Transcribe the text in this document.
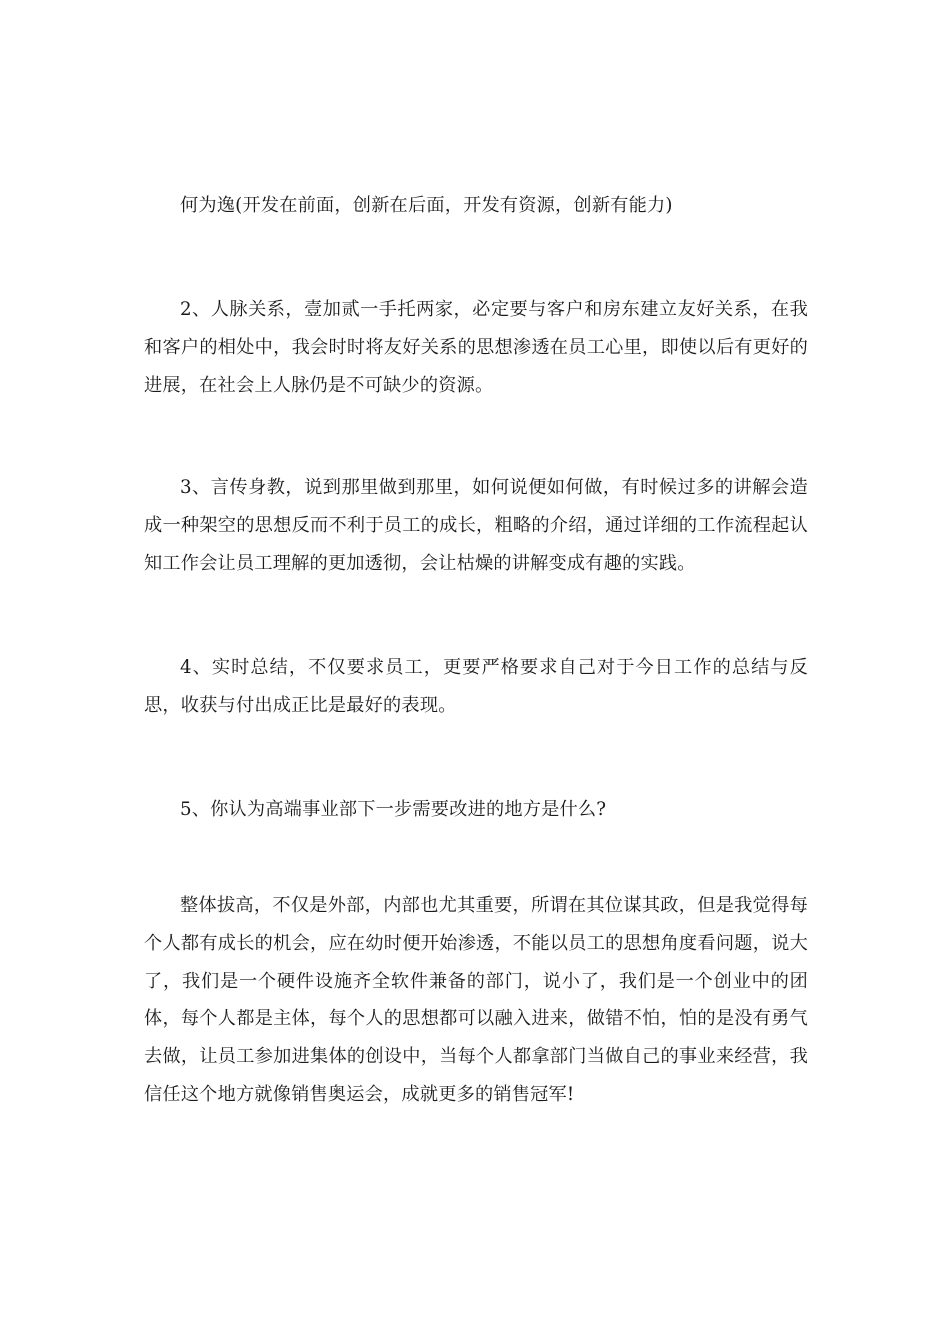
何为逸(开发在前面，创新在后面，开发有资源，创新有能力)

2、人脉关系，壹加贰一手托两家，必定要与客户和房东建立友好关系，在我和客户的相处中，我会时时将友好关系的思想渗透在员工心里，即使以后有更好的进展，在社会上人脉仍是不可缺少的资源。

3、言传身教，说到那里做到那里，如何说便如何做，有时候过多的讲解会造成一种架空的思想反而不利于员工的成长，粗略的介绍，通过详细的工作流程起认知工作会让员工理解的更加透彻，会让枯燥的讲解变成有趣的实践。

4、实时总结，不仅要求员工，更要严格要求自己对于今日工作的总结与反思，收获与付出成正比是最好的表现。

5、你认为高端事业部下一步需要改进的地方是什么?

整体拔高，不仅是外部，内部也尤其重要，所谓在其位谋其政，但是我觉得每个人都有成长的机会，应在幼时便开始渗透，不能以员工的思想角度看问题，说大了，我们是一个硬件设施齐全软件兼备的部门，说小了，我们是一个创业中的团体，每个人都是主体，每个人的思想都可以融入进来，做错不怕，怕的是没有勇气去做，让员工参加进集体的创设中，当每个人都拿部门当做自己的事业来经营，我信任这个地方就像销售奥运会，成就更多的销售冠军!
